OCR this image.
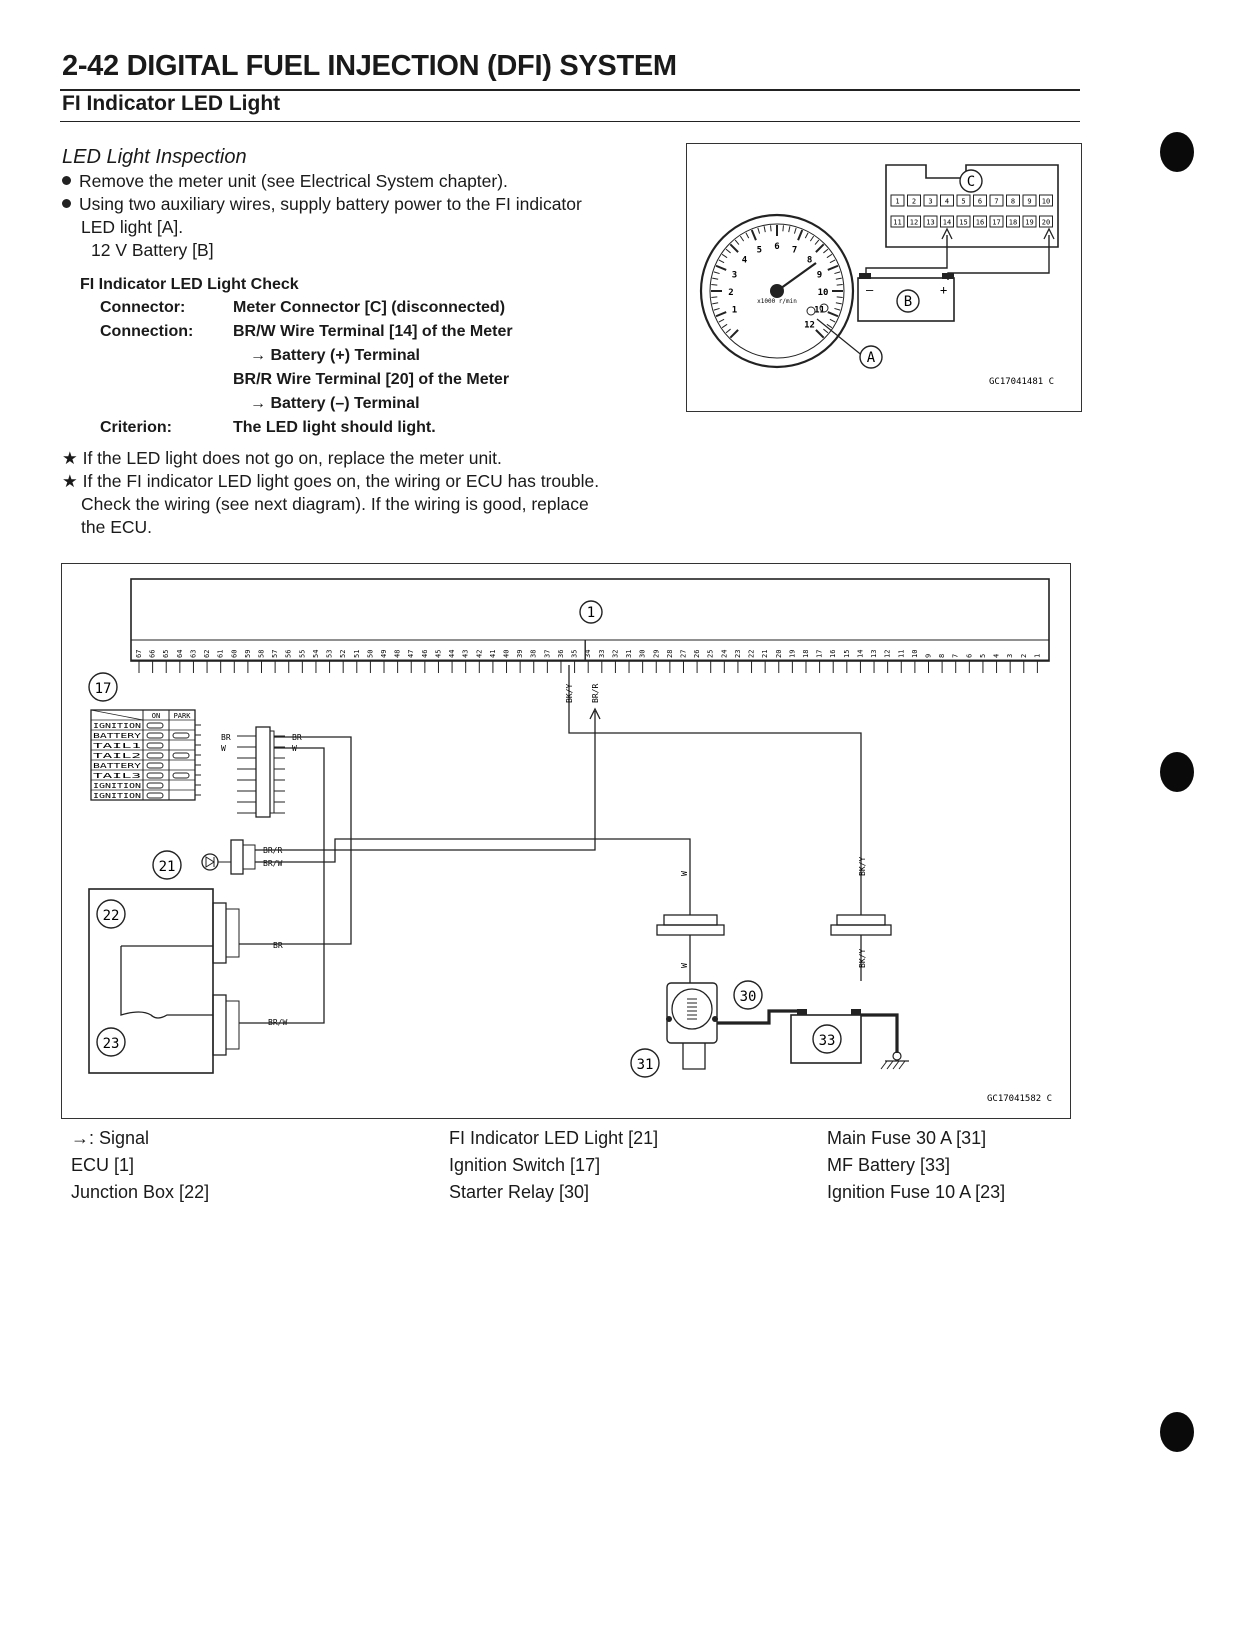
2-42 DIGITAL FUEL INJECTION (DFI) SYSTEM
FI Indicator LED Light
LED Light Inspection
Remove the meter unit (see Electrical System chapter).
Using two auxiliary wires, supply battery power to the FI indicator
LED light [A].
12 V Battery [B]
FI Indicator LED Light Check
Connector:	Meter Connector [C] (disconnected)
Connection: BR/W Wire Terminal [14] of the Meter
→ Battery (+) Terminal
BR/R Wire Terminal [20] of the Meter
→ Battery (–) Terminal
Criterion:	The LED light should light.
★ If the LED light does not go on, replace the meter unit.
★ If the FI indicator LED light goes on, the wiring or ECU has trouble.
Check the wiring (see next diagram). If the wiring is good, replace
the ECU.
C
1 2 3 4 5 6 7 8 9 10
11 12 13 14 15 16 17 18 19 20
–	+
B
1
2
3
4
5 6 7
8
9
10
11
12
x1000 r/min
A
GC17041481 C
1
67 66 65 64 63 62 61 60 59 58 57 56 55 54 53 52 51 50 49 48 47 46 45 44 43 42 41 40 39 38 37 36 35 34 33 32 31 30 29 28 27 26 25 24 23 22 21 20 19 18 17 16 15 14 13 12 11 10 9 8 7 6 5 4 3 2 1
17
ON PARK
IGNITION
BATTERY
TAIL1
TAIL2
BATTERY
TAIL3
IGNITION
IGNITION
BR
W
BR
W
21
BR/R
BR/W
22
23
BR
BR/W
BK/Y BR/R
W
W
BK/Y
BK/Y
30
31
33
GC17041582 C
→: Signal
ECU [1]
Junction Box [22]
FI Indicator LED Light [21]
Ignition Switch [17]
Starter Relay [30]
Main Fuse 30 A [31]
MF Battery [33]
Ignition Fuse 10 A [23]
